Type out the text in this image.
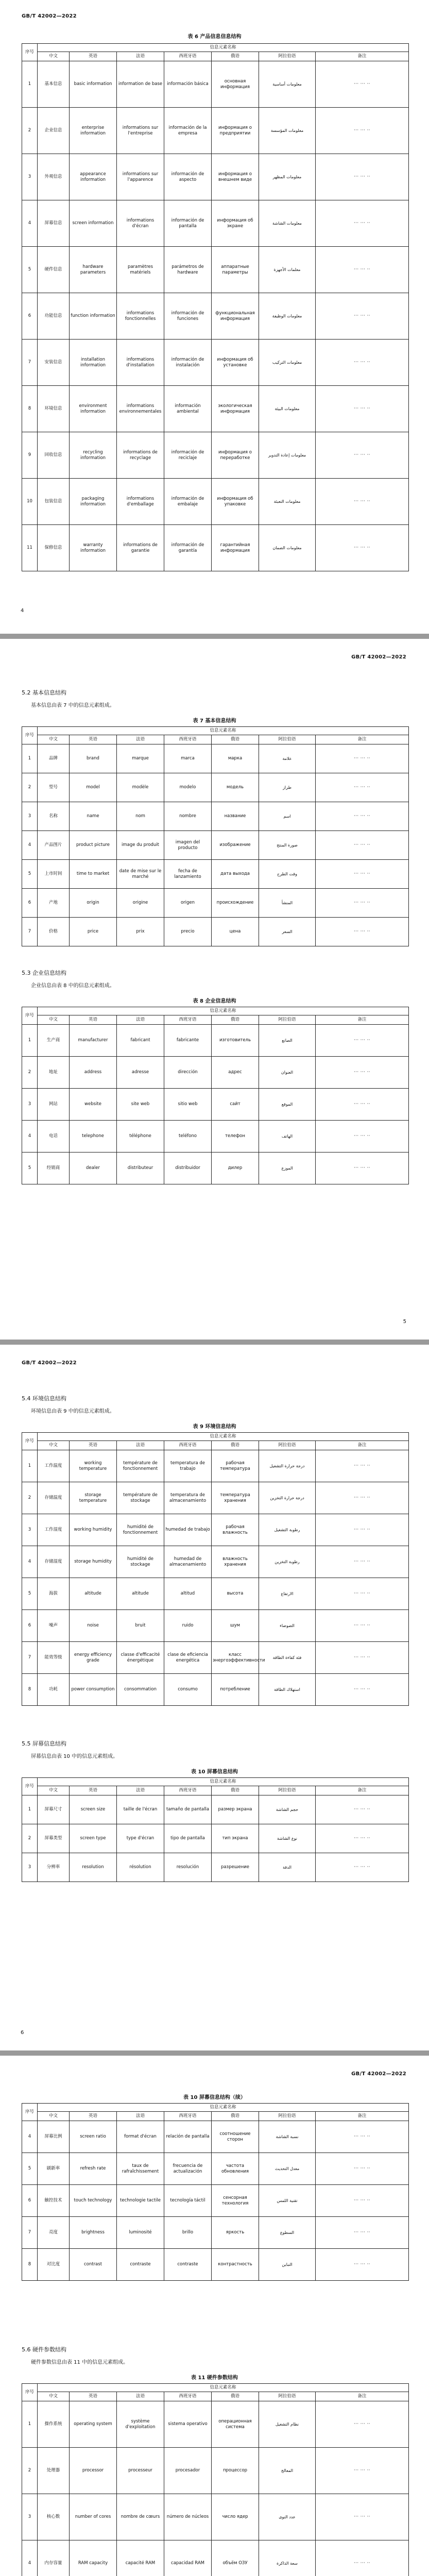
GB/T 42002—2022
表 6 产品信息信息结构
序号	信息元素名称						
	中文	英语	法语	西班牙语	俄语	阿拉伯语	备注
1	基本信息	basic information	information de base	información básica	основная информация	معلومات أساسية	··· ··· ··
2	企业信息	enterprise information	informations sur l'entreprise	información de la empresa	информация о предприятии	معلومات المؤسسة	··· ··· ··
3	外观信息	appearance information	informations sur l'apparence	información de aspecto	информация о внешнем виде	معلومات المظهر	··· ··· ··
4	屏幕信息	screen information	informations d'écran	información de pantalla	информация об экране	معلومات الشاشة	··· ··· ··
5	硬件信息	hardware parameters	paramètres matériels	parámetros de hardware	аппаратные параметры	معلمات الأجهزة	··· ··· ··
6	功能信息	function information	informations fonctionnelles	información de funciones	функциональная информация	معلومات الوظيفة	··· ··· ··
7	安装信息	installation information	informations d'installation	información de instalación	информация об установке	معلومات التركيب	··· ··· ··
8	环境信息	environment information	informations environnementales	información ambiental	экологическая информация	معلومات البيئة	··· ··· ··
9	回收信息	recycling information	informations de recyclage	información de reciclaje	информация о переработке	معلومات إعادة التدوير	··· ··· ··
10	包装信息	packaging information	informations d'emballage	información de embalaje	информация об упаковке	معلومات التعبئة	··· ··· ··
11	保修信息	warranty information	informations de garantie	información de garantía	гарантийная информация	معلومات الضمان	··· ··· ··
4
GB/T 42002—2022
5.2 基本信息结构
基本信息由表 7 中的信息元素组成。
表 7 基本信息结构
序号	信息元素名称						
	中文	英语	法语	西班牙语	俄语	阿拉伯语	备注
1	品牌	brand	marque	marca	марка	علامة	··· ··· ··
2	型号	model	modèle	modelo	модель	طراز	··· ··· ··
3	名称	name	nom	nombre	название	اسم	··· ··· ··
4	产品图片	product picture	image du produit	imagen del producto	изображение	صورة المنتج	··· ··· ··
5	上市时间	time to market	date de mise sur le marché	fecha de lanzamiento	дата выхода	وقت الطرح	··· ··· ··
6	产地	origin	origine	origen	происхождение	المنشأ	··· ··· ··
7	价格	price	prix	precio	цена	السعر	··· ··· ··
5.3 企业信息结构
企业信息由表 8 中的信息元素组成。
表 8 企业信息结构
序号	信息元素名称						
	中文	英语	法语	西班牙语	俄语	阿拉伯语	备注
1	生产商	manufacturer	fabricant	fabricante	изготовитель	الصانع	··· ··· ··
2	地址	address	adresse	dirección	адрес	العنوان	··· ··· ··
3	网站	website	site web	sitio web	сайт	الموقع	··· ··· ··
4	电话	telephone	téléphone	teléfono	телефон	الهاتف	··· ··· ··
5	经销商	dealer	distributeur	distribuidor	дилер	الموزع	··· ··· ··
5
GB/T 42002—2022
5.4 环境信息结构
环境信息由表 9 中的信息元素组成。
表 9 环境信息结构
序号	信息元素名称						
	中文	英语	法语	西班牙语	俄语	阿拉伯语	备注
1	工作温度	working temperature	température de fonctionnement	temperatura de trabajo	рабочая температура	درجة حرارة التشغيل	··· ··· ··
2	存储温度	storage temperature	température de stockage	temperatura de almacenamiento	температура хранения	درجة حرارة التخزين	··· ··· ··
3	工作湿度	working humidity	humidité de fonctionnement	humedad de trabajo	рабочая влажность	رطوبة التشغيل	··· ··· ··
4	存储湿度	storage humidity	humidité de stockage	humedad de almacenamiento	влажность хранения	رطوبة التخزين	··· ··· ··
5	海拔	altitude	altitude	altitud	высота	الارتفاع	··· ··· ··
6	噪声	noise	bruit	ruido	шум	الضوضاء	··· ··· ··
7	能效等级	energy efficiency grade	classe d'efficacité énergétique	clase de eficiencia energética	класс энергоэффективности	فئة كفاءة الطاقة	··· ··· ··
8	功耗	power consumption	consommation	consumo	потребление	استهلاك الطاقة	··· ··· ··
5.5 屏幕信息结构
屏幕信息由表 10 中的信息元素组成。
表 10 屏幕信息结构
序号	信息元素名称						
	中文	英语	法语	西班牙语	俄语	阿拉伯语	备注
1	屏幕尺寸	screen size	taille de l'écran	tamaño de pantalla	размер экрана	حجم الشاشة	··· ··· ··
2	屏幕类型	screen type	type d'écran	tipo de pantalla	тип экрана	نوع الشاشة	··· ··· ··
3	分辨率	resolution	résolution	resolución	разрешение	الدقة	··· ··· ··
6
GB/T 42002—2022
表 10 屏幕信息结构（续）
序号	信息元素名称						
	中文	英语	法语	西班牙语	俄语	阿拉伯语	备注
4	屏幕比例	screen ratio	format d'écran	relación de pantalla	соотношение сторон	نسبة الشاشة	··· ··· ··
5	刷新率	refresh rate	taux de rafraîchissement	frecuencia de actualización	частота обновления	معدل التحديث	··· ··· ··
6	触控技术	touch technology	technologie tactile	tecnología táctil	сенсорная технология	تقنية اللمس	··· ··· ··
7	亮度	brightness	luminosité	brillo	яркость	السطوع	··· ··· ··
8	对比度	contrast	contraste	contraste	контрастность	التباين	··· ··· ··
5.6 硬件参数结构
硬件参数信息由表 11 中的信息元素组成。
表 11 硬件参数结构
序号	信息元素名称						
	中文	英语	法语	西班牙语	俄语	阿拉伯语	备注
1	操作系统	operating system	système d'exploitation	sistema operativo	операционная система	نظام التشغيل	··· ··· ··
2	处理器	processor	processeur	procesador	процессор	المعالج	··· ··· ··
3	核心数	number of cores	nombre de cœurs	número de núcleos	число ядер	عدد النوى	··· ··· ··
4	内存容量	RAM capacity	capacité RAM	capacidad RAM	объём ОЗУ	سعة الذاكرة	··· ··· ··
